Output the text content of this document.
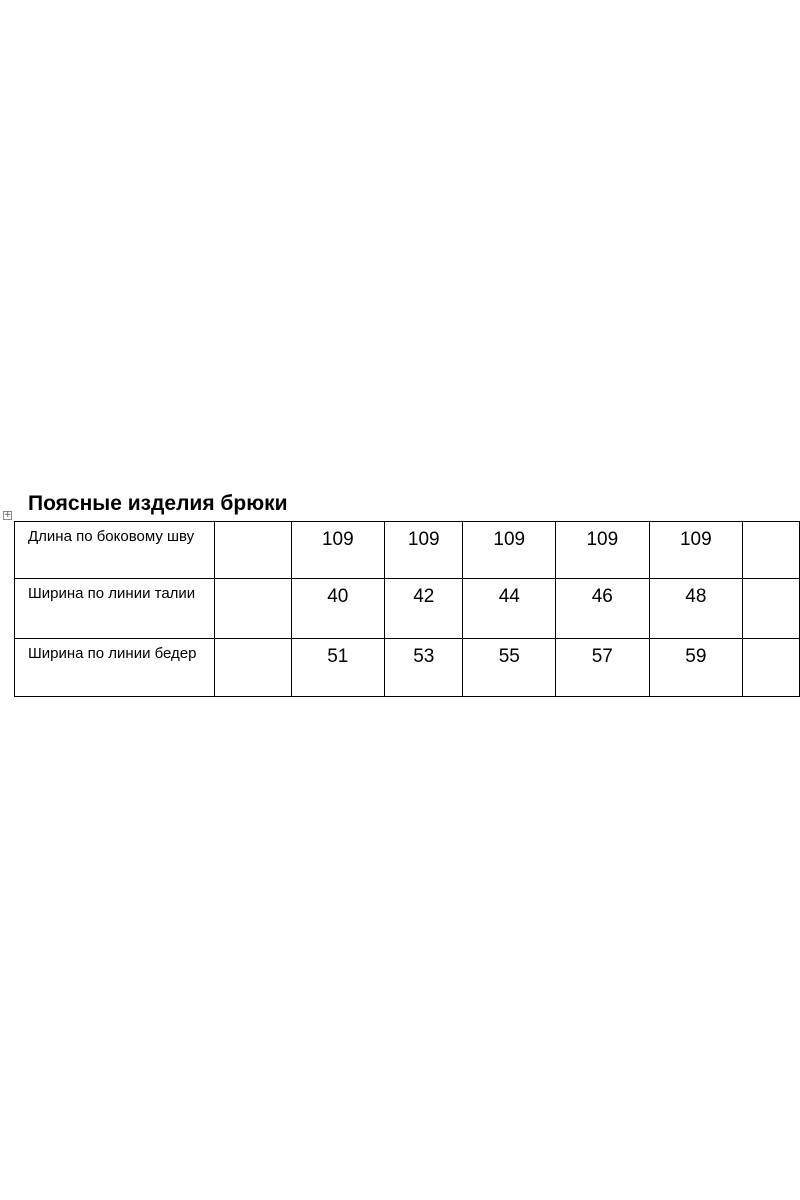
Поясные изделия брюки
+
Длина по боковому шву		109	109	109	109	109	
Ширина по линии талии		40	42	44	46	48	
Ширина по линии бедер		51	53	55	57	59	
